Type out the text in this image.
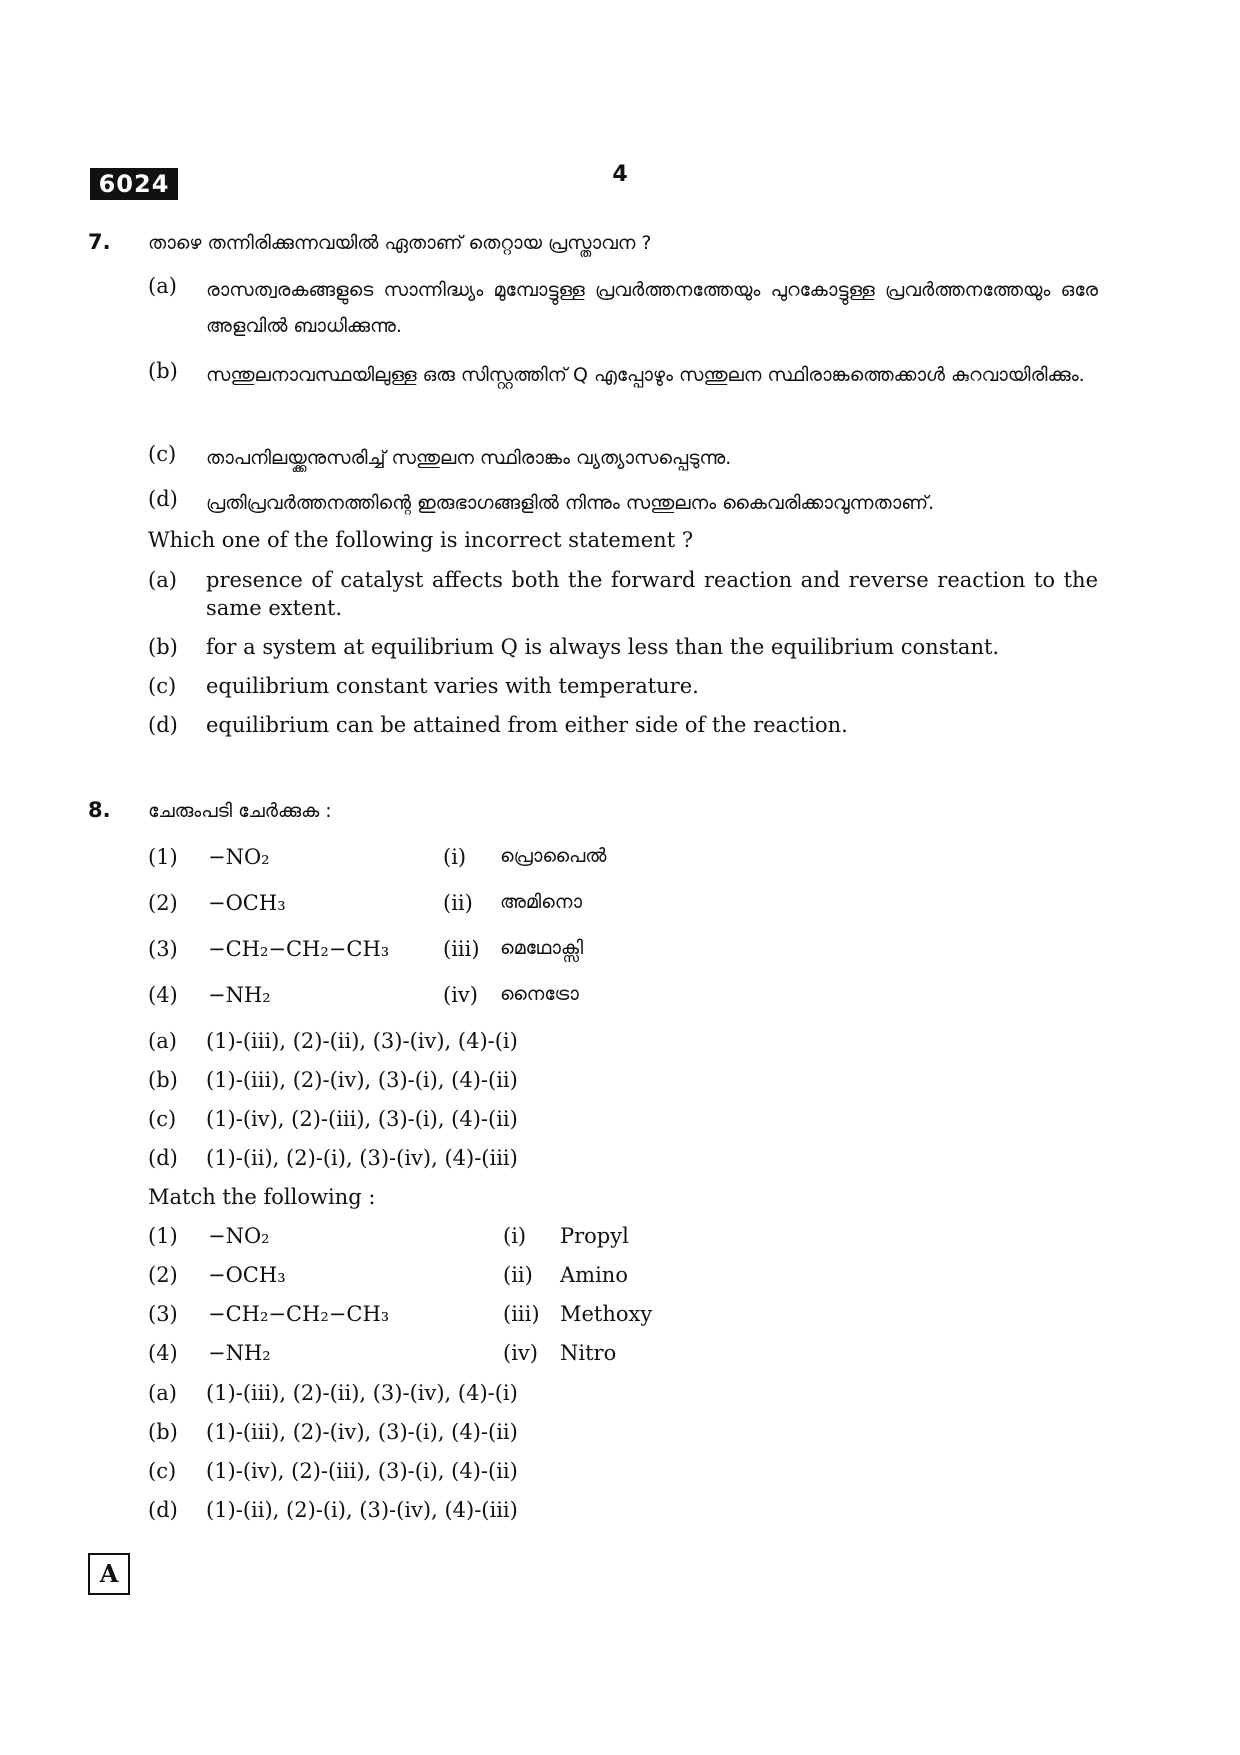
6024	4
7. താഴെ തന്നിരിക്കുന്നവയിൽ ഏതാണ് തെറ്റായ പ്രസ്താവന ?
(a) രാസത്വരകങ്ങളുടെ സാന്നിദ്ധ്യം മുമ്പോട്ടുള്ള പ്രവർത്തനത്തേയും പുറകോട്ടുള്ള പ്രവർത്തനത്തേയും ഒരേ അളവിൽ ബാധിക്കുന്നു.
(b) സന്തുലനാവസ്ഥയിലുള്ള ഒരു സിസ്റ്റത്തിന് Q എപ്പോഴും സന്തുലന സ്ഥിരാങ്കത്തെക്കാൾ കുറവായിരിക്കും.
(c) താപനിലയ്ക്കനുസരിച്ച് സന്തുലന സ്ഥിരാങ്കം വ്യത്യാസപ്പെടുന്നു.
(d) പ്രതിപ്രവർത്തനത്തിന്റെ ഇരുഭാഗങ്ങളിൽ നിന്നും സന്തുലനം കൈവരിക്കാവുന്നതാണ്.
Which one of the following is incorrect statement ?
(a) presence of catalyst affects both the forward reaction and reverse reaction to the same extent.
(b) for a system at equilibrium Q is always less than the equilibrium constant.
(c) equilibrium constant varies with temperature.
(d) equilibrium can be attained from either side of the reaction.
8. ചേരുംപടി ചേർക്കുക :
(1) −NO₂	(i) പ്രൊപൈൽ
(2) −OCH₃	(ii) അമിനൊ
(3) −CH₂−CH₂−CH₃	(iii) മെഥോക്സി
(4) −NH₂	(iv) നൈട്രോ
(a) (1)-(iii), (2)-(ii), (3)-(iv), (4)-(i)
(b) (1)-(iii), (2)-(iv), (3)-(i), (4)-(ii)
(c) (1)-(iv), (2)-(iii), (3)-(i), (4)-(ii)
(d) (1)-(ii), (2)-(i), (3)-(iv), (4)-(iii)
Match the following :
(1) −NO₂	(i) Propyl
(2) −OCH₃	(ii) Amino
(3) −CH₂−CH₂−CH₃	(iii) Methoxy
(4) −NH₂	(iv) Nitro
(a) (1)-(iii), (2)-(ii), (3)-(iv), (4)-(i)
(b) (1)-(iii), (2)-(iv), (3)-(i), (4)-(ii)
(c) (1)-(iv), (2)-(iii), (3)-(i), (4)-(ii)
(d) (1)-(ii), (2)-(i), (3)-(iv), (4)-(iii)
A
